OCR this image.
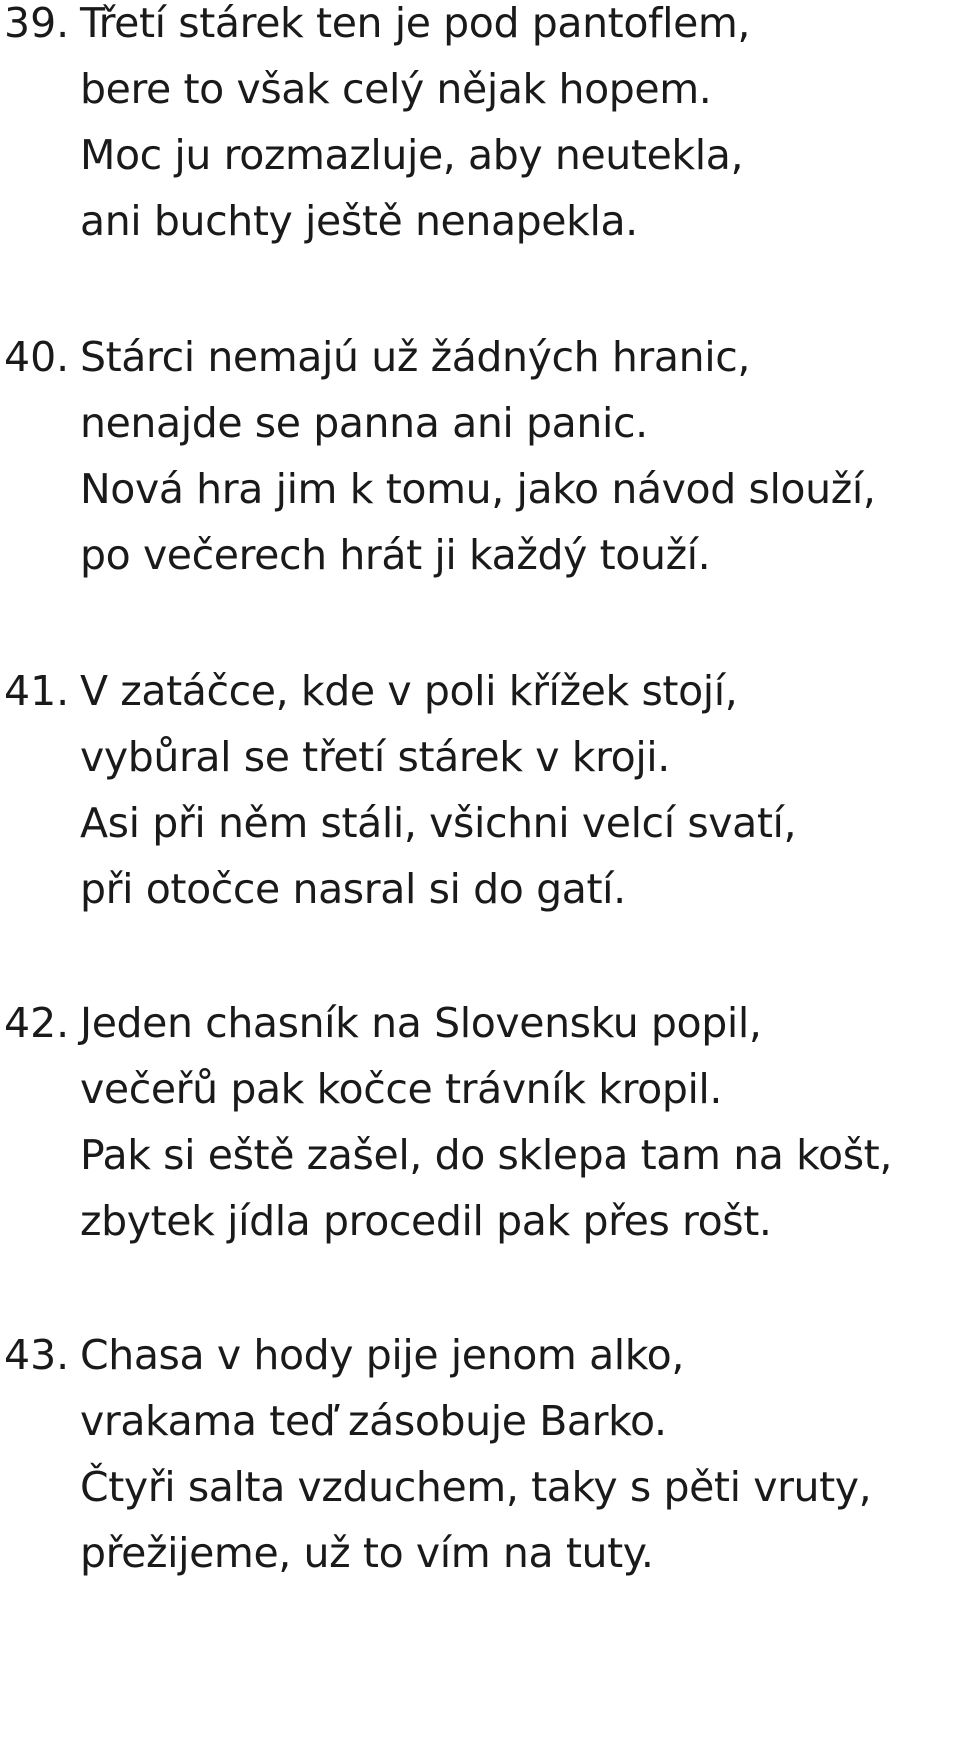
39. Třetí stárek ten je pod pantoflem,
bere to však celý nějak hopem.
Moc ju rozmazluje, aby neutekla,
ani buchty ještě nenapekla.
40. Stárci nemajú už žádných hranic,
nenajde se panna ani panic.
Nová hra jim k tomu, jako návod slouží,
po večerech hrát ji každý touží.
41. V zatáčce, kde v poli křížek stojí,
vybůral se třetí stárek v kroji.
Asi při něm stáli, všichni velcí svatí,
při otočce nasral si do gatí.
42. Jeden chasník na Slovensku popil,
večeřů pak kočce trávník kropil.
Pak si eště zašel, do sklepa tam na košt,
zbytek jídla procedil pak přes rošt.
43. Chasa v hody pije jenom alko,
vrakama teď zásobuje Barko.
Čtyři salta vzduchem, taky s pěti vruty,
přežijeme, už to vím na tuty.
